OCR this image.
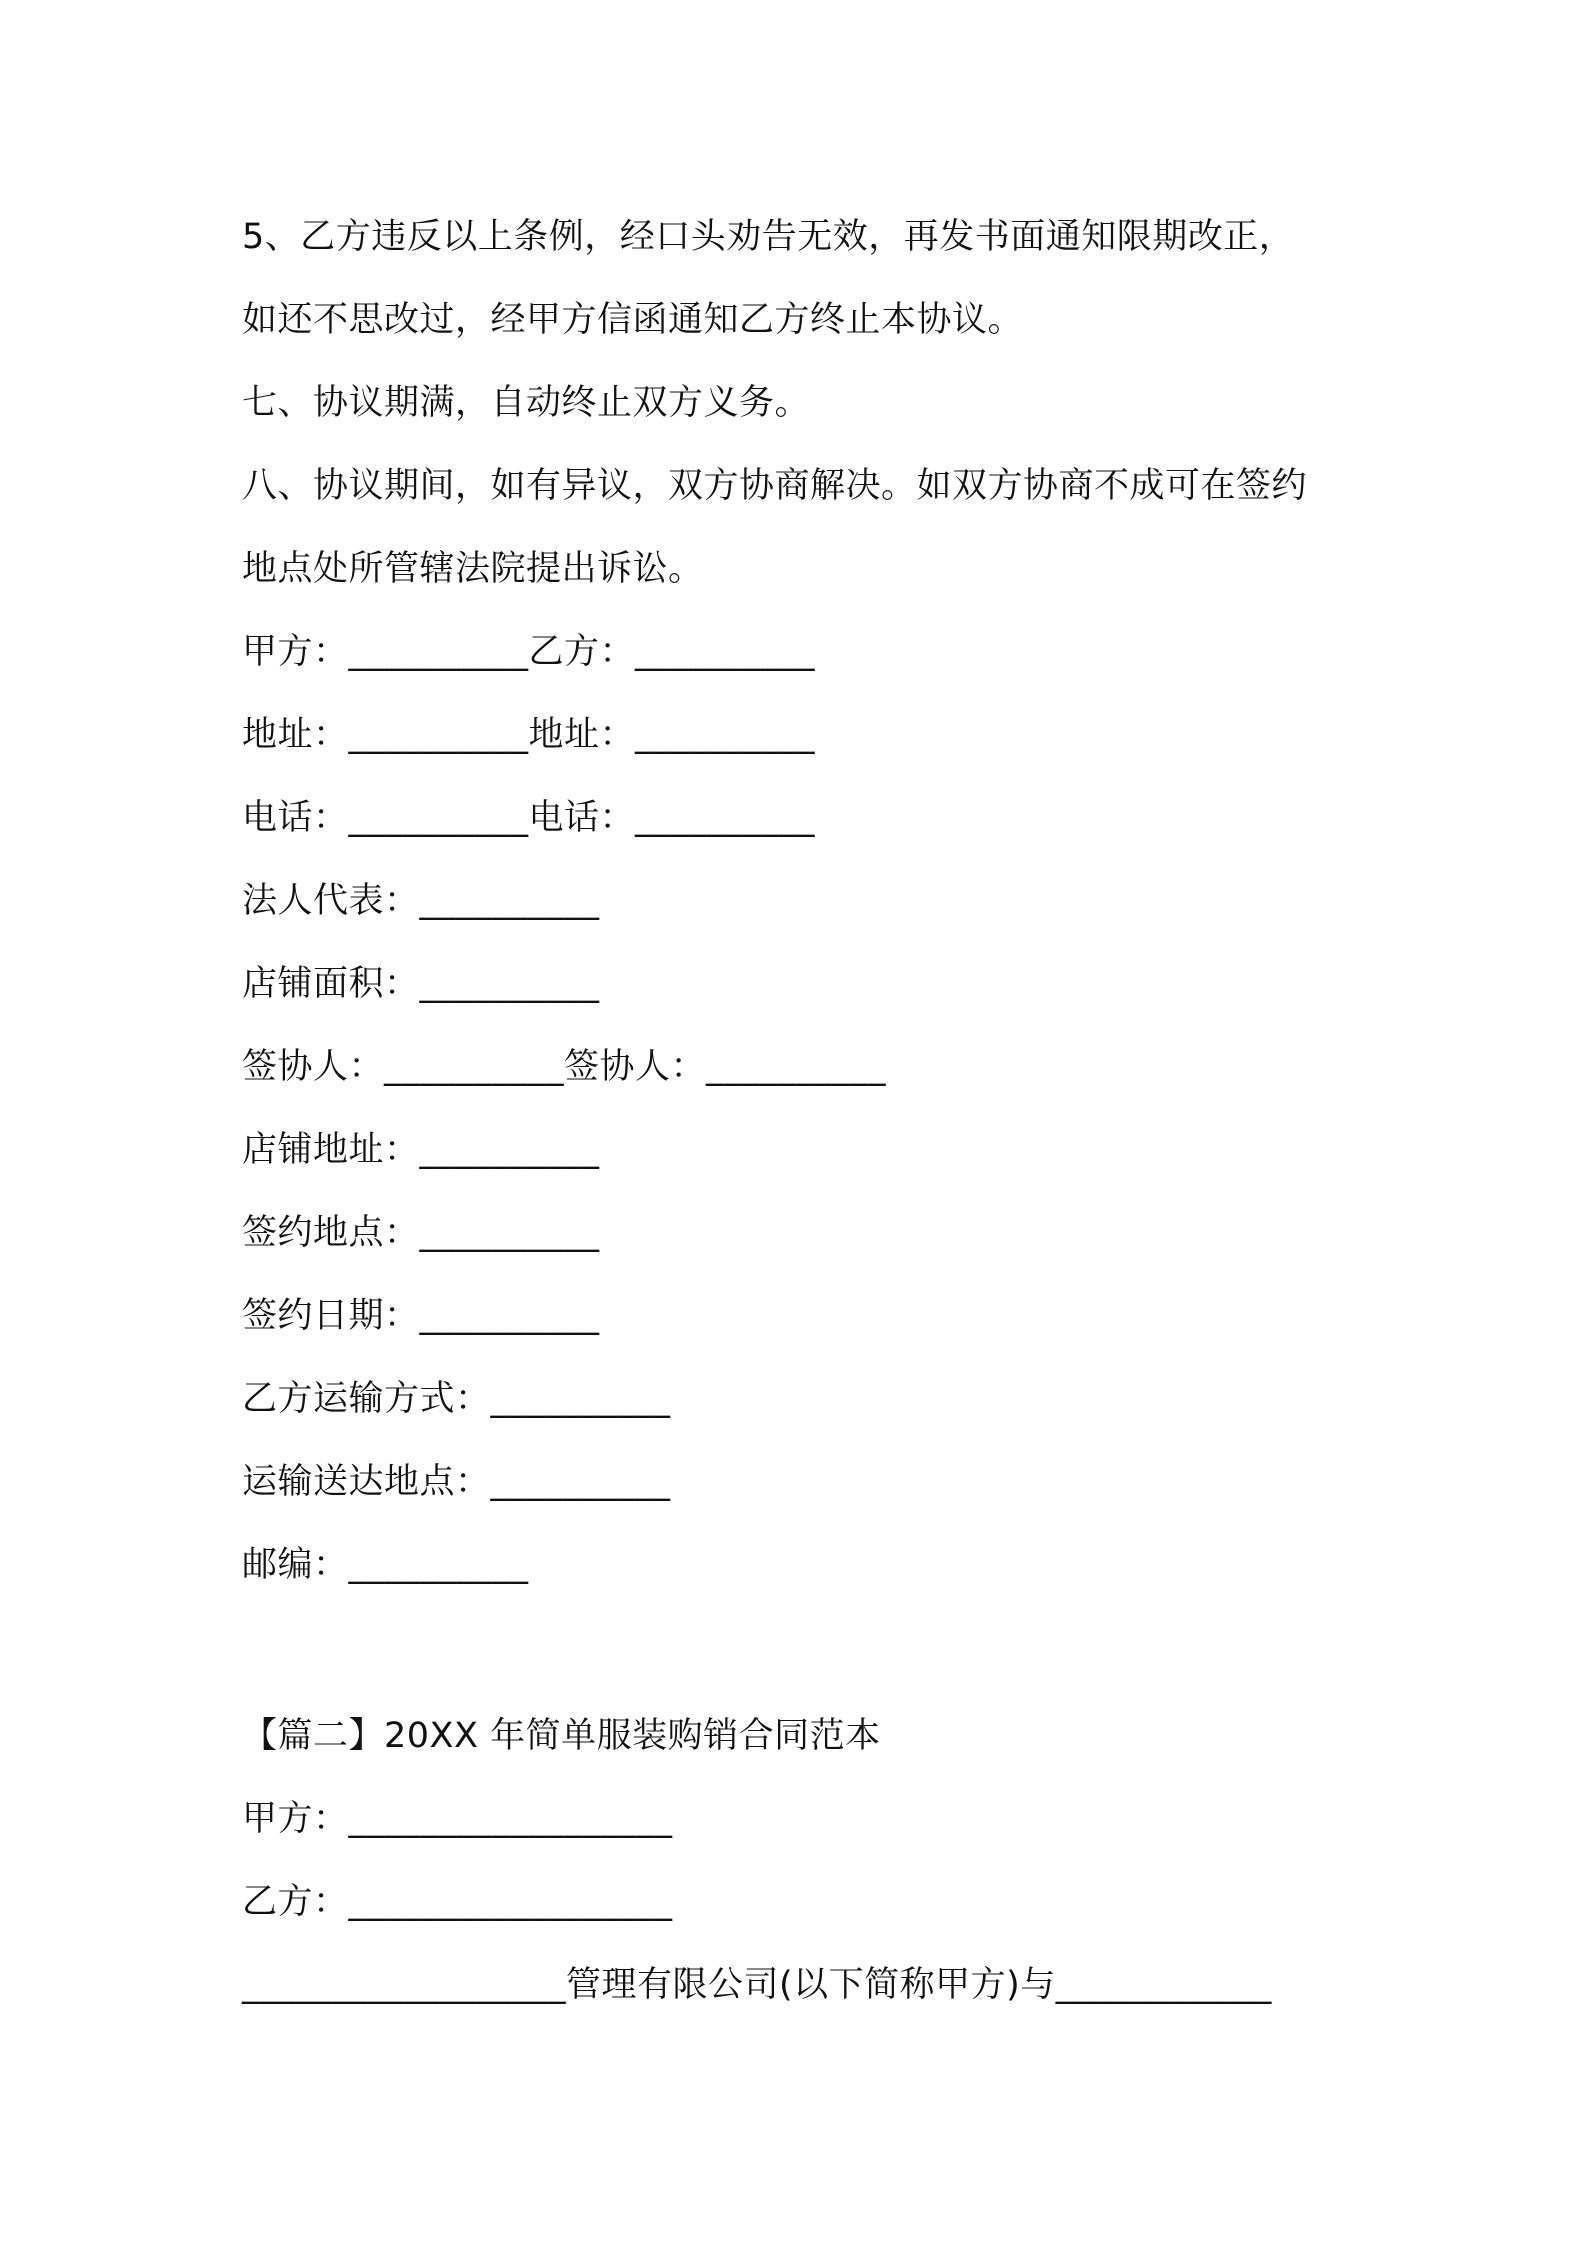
5、乙方违反以上条例，经口头劝告无效，再发书面通知限期改正，
如还不思改过，经甲方信函通知乙方终止本协议。
七、协议期满，自动终止双方义务。
八、协议期间，如有异议，双方协商解决。如双方协商不成可在签约
地点处所管辖法院提出诉讼。
甲方：__________乙方：__________
地址：__________地址：__________
电话：__________电话：__________
法人代表：__________
店铺面积：__________
签协人：__________签协人：__________
店铺地址：__________
签约地点：__________
签约日期：__________
乙方运输方式：__________
运输送达地点：__________
邮编：__________
【篇二】20XX 年简单服装购销合同范本
甲方：__________________
乙方：__________________
__________________管理有限公司(以下简称甲方)与____________
